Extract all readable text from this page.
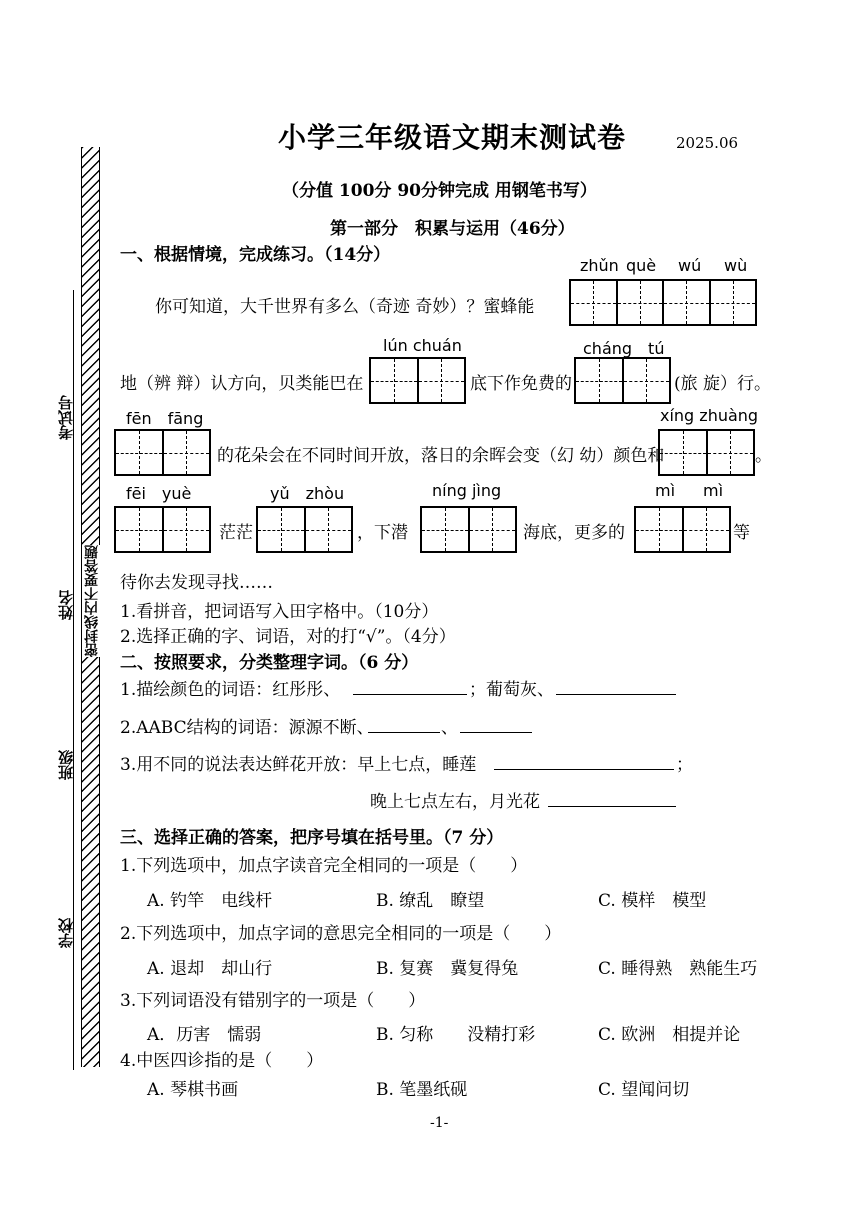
考试号
姓名 密封线内不要答题
班级
学校
小学三年级语文期末测试卷	2025.06
（分值 100分 90分钟完成 用钢笔书写）
第一部分　积累与运用（46分）
一、根据情境，完成练习。（14分）
zhǔn què wú wù
你可知道，大千世界有多么（奇迹 奇妙）？蜜蜂能
lún chuán	cháng　tú
地（辨 辩）认方向，贝类能巴在	底下作免费的	(旅 旋）行。
fēn　fāng	xíng zhuàng
的花朵会在不同时间开放，落日的余晖会变（幻 幼）颜色和	。
fēi　yuè	yǔ　zhòu	níng jìng	mì mì
茫茫	，下潜	海底，更多的	等
待你去发现寻找……
1.看拼音，把词语写入田字格中。（10分）
2.选择正确的字、词语，对的打“√”。（4分）
二、按照要求，分类整理字词。（6 分）
1.描绘颜色的词语：红彤彤、	；葡萄灰、
2.AABC结构的词语：源源不断、	、
3.用不同的说法表达鲜花开放：早上七点，睡莲	；
晚上七点左右，月光花
三、选择正确的答案，把序号填在括号里。（7 分）
1.下列选项中，加点字读音完全相同的一项是（　　）
A. 钓竿　电线杆	B. 缭乱　瞭望	C. 模样　模型
2.下列选项中，加点字词的意思完全相同的一项是（　　）
A. 退却　却山行	B. 复赛　冀复得兔	C. 睡得熟　熟能生巧
3.下列词语没有错别字的一项是（　　）
A．历害　懦弱	B. 匀称　　没精打彩	C. 欧洲　相提并论
4.中医四诊指的是（　　）
A. 琴棋书画	B. 笔墨纸砚	C. 望闻问切
-1-
